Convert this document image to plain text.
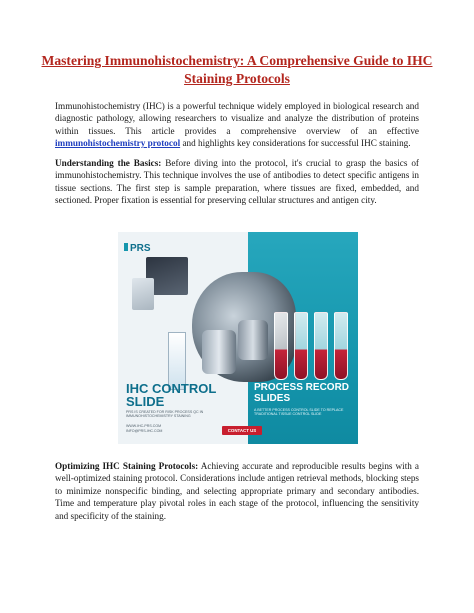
Mastering Immunohistochemistry: A Comprehensive Guide to IHC Staining Protocols

Immunohistochemistry (IHC) is a powerful technique widely employed in biological research and diagnostic pathology, allowing researchers to visualize and analyze the distribution of proteins within tissues. This article provides a comprehensive overview of an effective immunohistochemistry protocol and highlights key considerations for successful IHC staining.

Understanding the Basics: Before diving into the protocol, it's crucial to grasp the basics of immunohistochemistry. This technique involves the use of antibodies to detect specific antigens in tissue sections. The first step is sample preparation, where tissues are fixed, embedded, and sectioned. Proper fixation is essential for preserving cellular structures and antigen city.

PRS
IHC CONTROL SLIDE
PRS IS CREATED FOR RISK PROCESS QC IN IMMUNOHISTOCHEMISTRY STAINING
WWW.IHC-PRS.COM
INFO@PRS-IHC.COM
PROCESS RECORD SLIDES
A BETTER PROCESS CONTROL SLIDE TO REPLACE TRADITIONAL TISSUE CONTROL SLIDE
CONTACT US

Optimizing IHC Staining Protocols: Achieving accurate and reproducible results begins with a well-optimized staining protocol. Considerations include antigen retrieval methods, blocking steps to minimize nonspecific binding, and selecting appropriate primary and secondary antibodies. Time and temperature play pivotal roles in each stage of the protocol, influencing the sensitivity and specificity of the staining.
